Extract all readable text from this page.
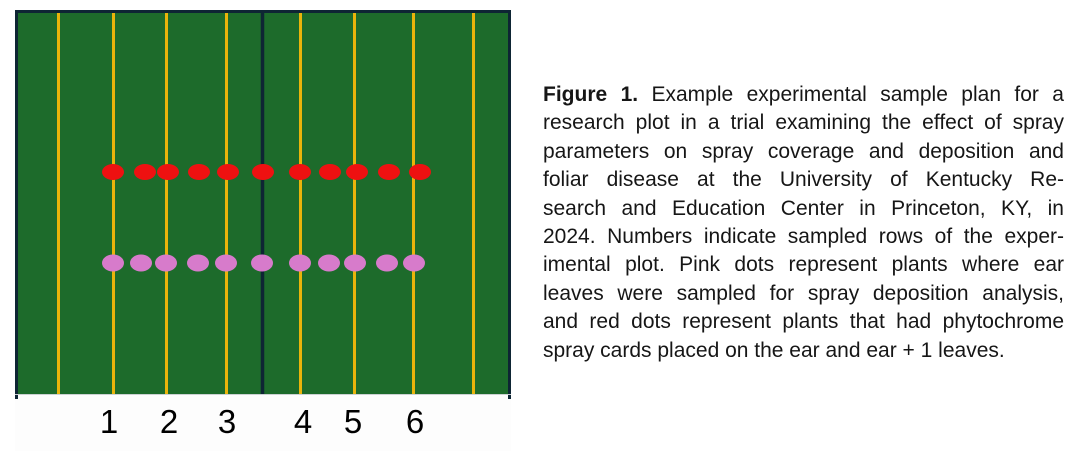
1 2 3 4 5 6
Figure 1. Example experimental sample plan for a
research plot in a trial examining the effect of spray
parameters on spray coverage and deposition and
foliar disease at the University of Kentucky Re-
search and Education Center in Princeton, KY, in
2024. Numbers indicate sampled rows of the exper-
imental plot. Pink dots represent plants where ear
leaves were sampled for spray deposition analysis,
and red dots represent plants that had phytochrome
spray cards placed on the ear and ear + 1 leaves.
